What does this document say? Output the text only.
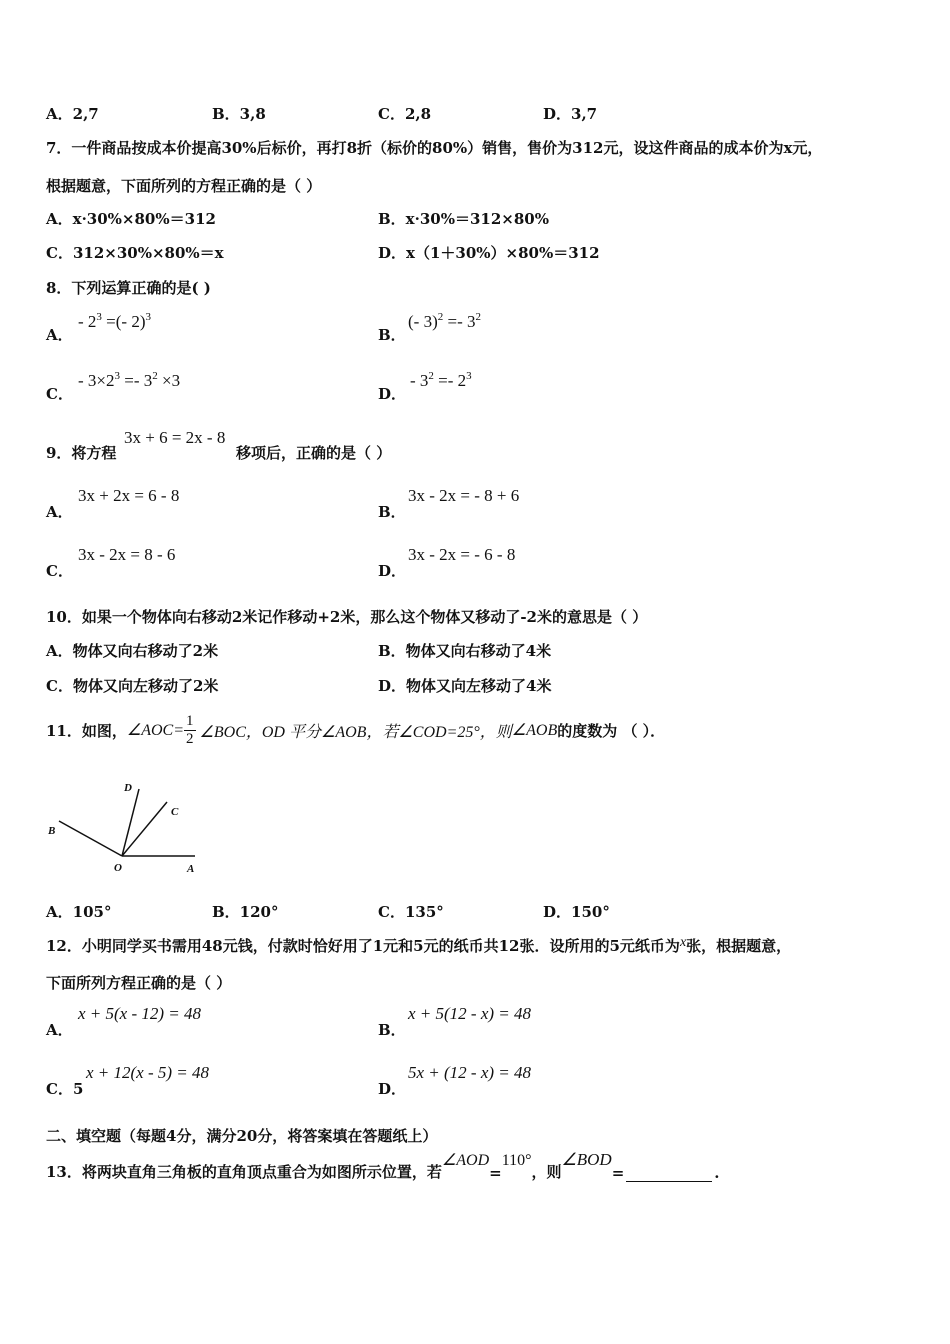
A．2,7	B．3,8	C．2,8	D．3,7
7．一件商品按成本价提高30%后标价，再打8折（标价的80%）销售，售价为312元，设这件商品的成本价为x元，
根据题意，下面所列的方程正确的是（ ）
A．x·30%×80%＝312	B．x·30%＝312×80%
C．312×30%×80%＝x	D．x（1＋30%）×80%＝312
8．下列运算正确的是( )
A．
- $2^3$ =(- 2)$^3$
B．
(- $3)^2 =- 3^2$
C．
- $3\times 2^3 =- 3^2 \times 3$
D．
- $3^2 =- 2^3$
9．将方程
3x + 6 = 2x - 8
移项后，正确的是（ ）
A．
3x + 2x = 6 - 8
B．
3x - 2x = - 8 + 6
C．
3x - 2x = 8 - 6
D．
3x - 2x = - 6 - 8
10．如果一个物体向右移动2米记作移动+2米，那么这个物体又移动了-2米的意思是（ ）
A．物体又向右移动了2米	B．物体又向右移动了4米
C．物体又向左移动了2米	D．物体又向左移动了4米
11．如图， ∠AOC= $\frac{1}{2}$ ∠BOC， OD 平分 ∠AOB，若 ∠COD=25°，则 ∠AOB 的度数为 （ ）．
D
C
B
O	A
A．105°	B．120°	C．135°	D．150°
12．小明同学买书需用48元钱，付款时恰好用了1元和5元的纸币共12张．设所用的5元纸币为x张，根据题意，
下面所列方程正确的是（ ）
A．
x + 5(x - 12) = 48
B．
x + 5(12 - x) = 48
C．5
x + 12(x - 5) = 48
D．
5x + (12 - x) = 48
二、填空题（每题4分，满分20分，将答案填在答题纸上）
13．将两块直角三角板的直角顶点重合为如图所示位置，若
∠AOD
=
110°
，则
∠BOD
=	.
